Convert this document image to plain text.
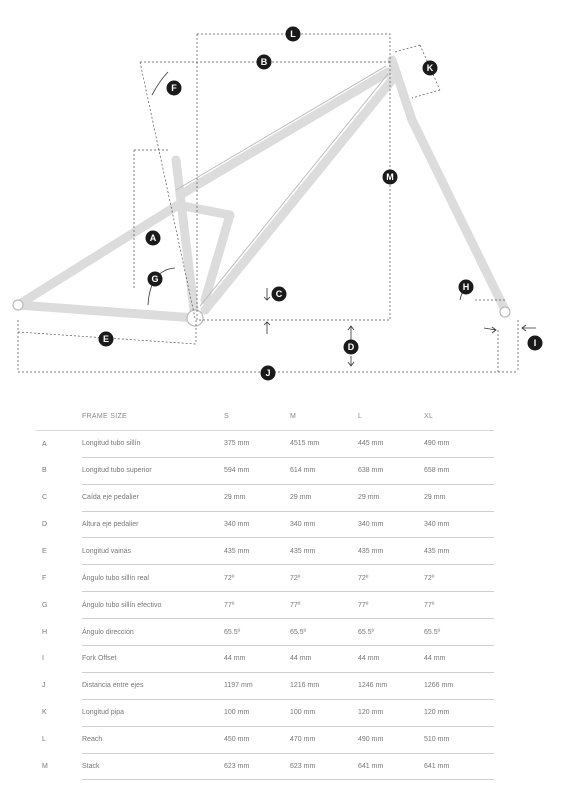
A
B
C
D
E
F
G
H
I
J
K
L
M
	FRAME SIZE	S	M	L	XL
A	Longitud tubo sillín	375 mm	4515 mm	445 mm	490 mm
B	Longitud tubo superior	594 mm	614 mm	638 mm	658 mm
C	Caída eje pedalier	29 mm	29 mm	29 mm	29 mm
D	Altura eje pedalier	340 mm	340 mm	340 mm	340 mm
E	Longitud vainas	435 mm	435 mm	435 mm	435 mm
F	Ángulo tubo sillín real	72º	72º	72º	72º
G	Ángulo tubo sillín efectivo	77º	77º	77º	77º
H	Ángulo dirección	65.5º	65.5º	65.5º	65.5º
I	Fork Offset	44 mm	44 mm	44 mm	44 mm
J	Distancia entre ejes	1197 mm	1216 mm	1246 mm	1266 mm
K	Longitud pipa	100 mm	100 mm	120 mm	120 mm
L	Reach	450 mm	470 mm	490 mm	510 mm
M	Stack	623 mm	623 mm	641 mm	641 mm
